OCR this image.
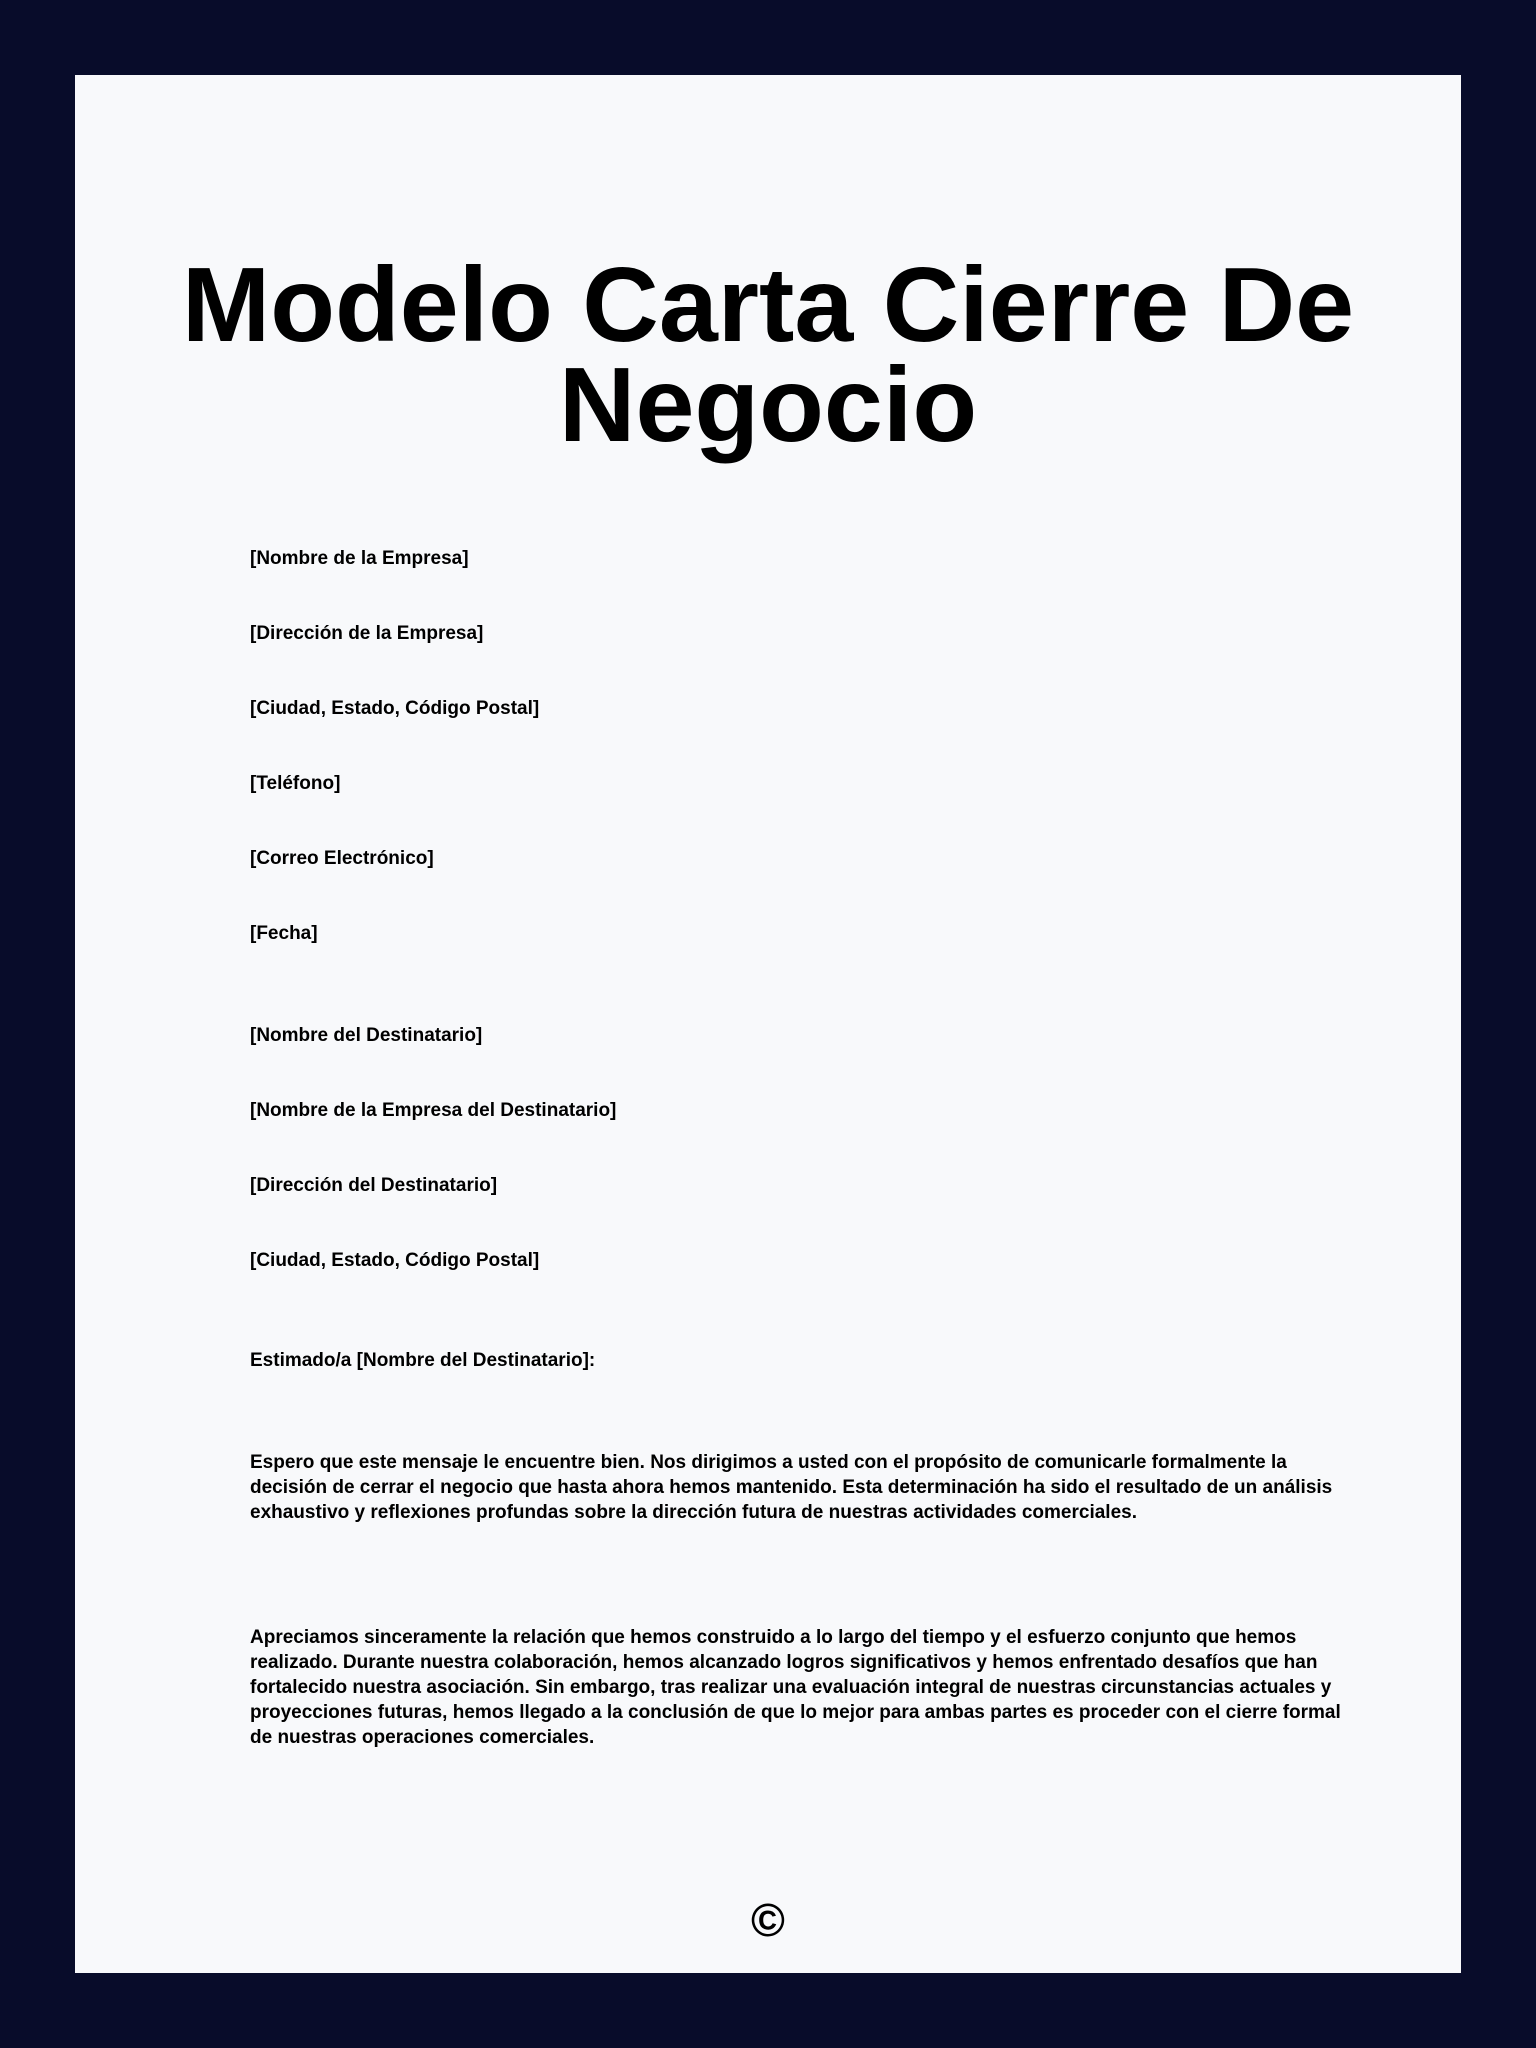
Modelo Carta Cierre De Negocio
[Nombre de la Empresa]
[Dirección de la Empresa]
[Ciudad, Estado, Código Postal]
[Teléfono]
[Correo Electrónico]
[Fecha]
[Nombre del Destinatario]
[Nombre de la Empresa del Destinatario]
[Dirección del Destinatario]
[Ciudad, Estado, Código Postal]
Estimado/a [Nombre del Destinatario]:

Espero que este mensaje le encuentre bien. Nos dirigimos a usted con el propósito de comunicarle formalmente la decisión de cerrar el negocio que hasta ahora hemos mantenido. Esta determinación ha sido el resultado de un análisis exhaustivo y reflexiones profundas sobre la dirección futura de nuestras actividades comerciales.

Apreciamos sinceramente la relación que hemos construido a lo largo del tiempo y el esfuerzo conjunto que hemos realizado. Durante nuestra colaboración, hemos alcanzado logros significativos y hemos enfrentado desafíos que han fortalecido nuestra asociación. Sin embargo, tras realizar una evaluación integral de nuestras circunstancias actuales y proyecciones futuras, hemos llegado a la conclusión de que lo mejor para ambas partes es proceder con el cierre formal de nuestras operaciones comerciales.

©
